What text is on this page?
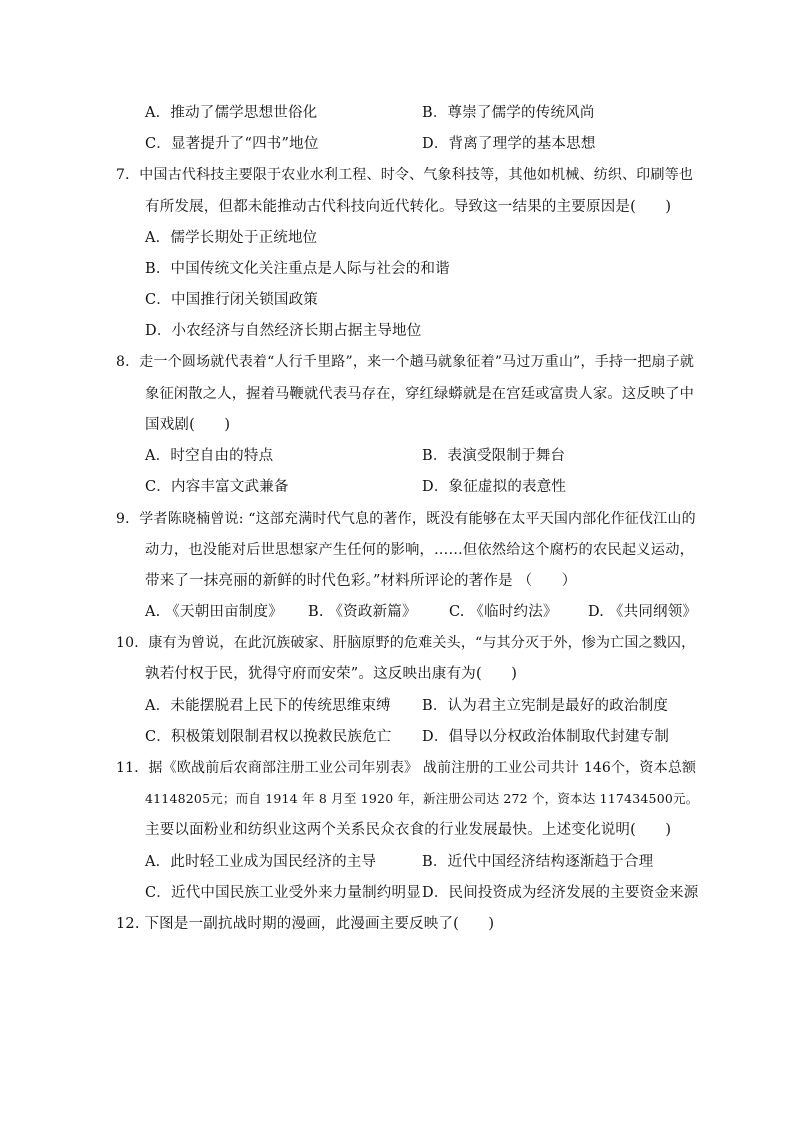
A．推动了儒学思想世俗化	B．尊崇了儒学的传统风尚
C．显著提升了“四书”地位	D．背离了理学的基本思想
7．中国古代科技主要限于农业水利工程、时令、气象科技等，其他如机械、纺织、印刷等也
有所发展，但都未能推动古代科技向近代转化。导致这一结果的主要原因是(　　)
A．儒学长期处于正统地位
B．中国传统文化关注重点是人际与社会的和谐
C．中国推行闭关锁国政策
D．小农经济与自然经济长期占据主导地位
8．走一个圆场就代表着“人行千里路”，来一个趟马就象征着”马过万重山”，手持一把扇子就
象征闲散之人，握着马鞭就代表马存在，穿红绿蟒就是在宫廷或富贵人家。这反映了中
国戏剧(　　)
A．时空自由的特点	B．表演受限制于舞台
C．内容丰富文武兼备	D．象征虚拟的表意性
9．学者陈晓楠曾说: “这部充满时代气息的著作，既没有能够在太平天国内部化作征伐江山的
动力，也没能对后世思想家产生任何的影响，……但依然给这个腐朽的农民起义运动，
带来了一抹亮丽的新鲜的时代色彩。”材料所评论的著作是 （　　）
A. 《天朝田亩制度》 B. 《资政新篇》 C. 《临时约法》 D. 《共同纲领》
10．康有为曾说，在此沉族破家、肝脑原野的危难关头，“与其分灭于外，惨为亡国之戮囚，
孰若付权于民，犹得守府而安荣”。这反映出康有为(　　)
A．未能摆脱君上民下的传统思维束缚 B．认为君主立宪制是最好的政治制度
C．积极策划限制君权以挽救民族危亡 D．倡导以分权政治体制取代封建专制
11．据《欧战前后农商部注册工业公司年别表》 战前注册的工业公司共计 146个，资本总额
41148205元；而自 1914 年 8 月至 1920 年，新注册公司达 272 个，资本达 117434500元。
主要以面粉业和纺织业这两个关系民众衣食的行业发展最快。上述变化说明(　　)
A．此时轻工业成为国民经济的主导	B．近代中国经济结构逐渐趋于合理
C．近代中国民族工业受外来力量制约明显 D．民间投资成为经济发展的主要资金来源
12. 下图是一副抗战时期的漫画，此漫画主要反映了(　　)
